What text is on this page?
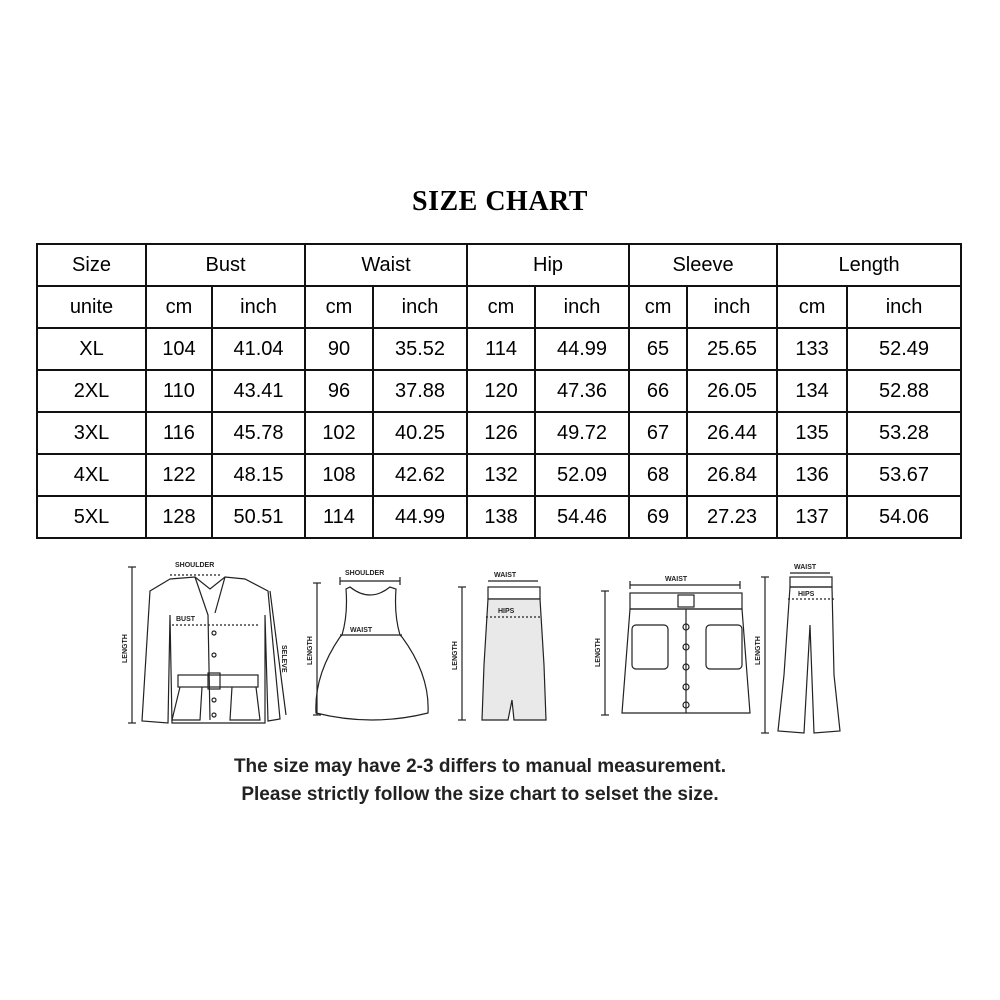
SIZE CHART
Size	Bust		Waist		Hip		Sleeve		Length	
unite	cm	inch	cm	inch	cm	inch	cm	inch	cm	inch
XL	104	41.04	90	35.52	114	44.99	65	25.65	133	52.49
2XL	110	43.41	96	37.88	120	47.36	66	26.05	134	52.88
3XL	116	45.78	102	40.25	126	49.72	67	26.44	135	53.28
4XL	122	48.15	108	42.62	132	52.09	68	26.84	136	53.67
5XL	128	50.51	114	44.99	138	54.46	69	27.23	137	54.06
SHOULDER
LENGTH
BUST
SELEVE
SHOULDER
LENGTH
WAIST
WAIST
LENGTH
HIPS
WAIST
LENGTH
WAIST
LENGTH
HIPS
The size may have 2-3 differs to manual measurement.
Please strictly follow the size chart to selset the size.
